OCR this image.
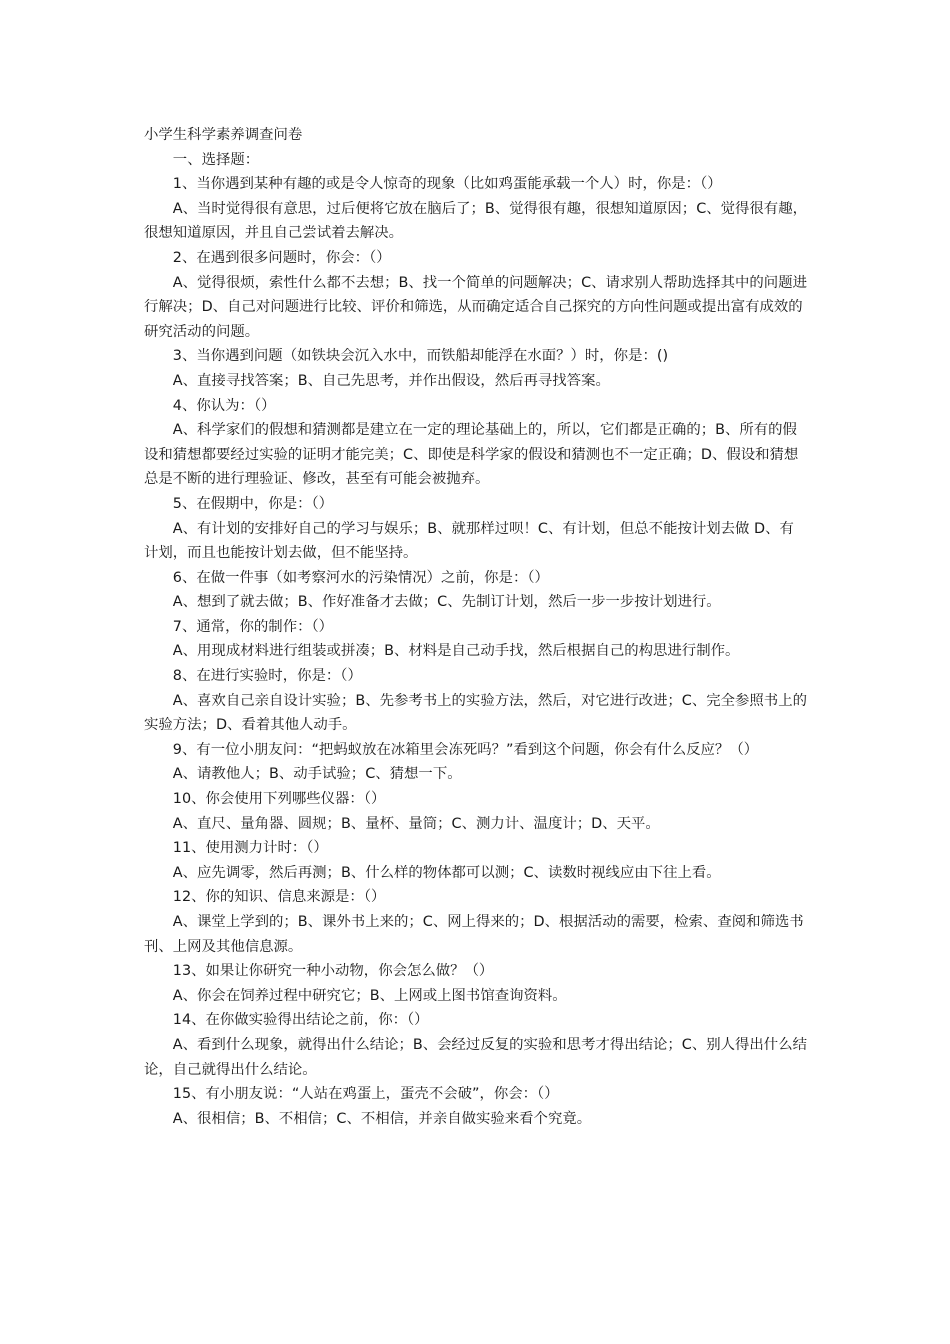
小学生科学素养调查问卷

一、选择题：

1、当你遇到某种有趣的或是令人惊奇的现象（比如鸡蛋能承载一个人）时，你是：（）

A、当时觉得很有意思，过后便将它放在脑后了；B、觉得很有趣，很想知道原因；C、觉得很有趣，很想知道原因，并且自己尝试着去解决。

2、在遇到很多问题时，你会：（）

A、觉得很烦，索性什么都不去想；B、找一个简单的问题解决；C、请求别人帮助选择其中的问题进行解决；D、自己对问题进行比较、评价和筛选，从而确定适合自己探究的方向性问题或提出富有成效的研究活动的问题。

3、当你遇到问题（如铁块会沉入水中，而铁船却能浮在水面？）时，你是：()

A、直接寻找答案；B、自己先思考，并作出假设，然后再寻找答案。

4、你认为：（）

A、科学家们的假想和猜测都是建立在一定的理论基础上的，所以，它们都是正确的；B、所有的假设和猜想都要经过实验的证明才能完美；C、即使是科学家的假设和猜测也不一定正确；D、假设和猜想总是不断的进行理验证、修改，甚至有可能会被抛弃。

5、在假期中，你是：（）

A、有计划的安排好自己的学习与娱乐；B、就那样过呗！C、有计划，但总不能按计划去做 D、有计划，而且也能按计划去做，但不能坚持。

6、在做一件事（如考察河水的污染情况）之前，你是：（）

A、想到了就去做；B、作好准备才去做；C、先制订计划，然后一步一步按计划进行。

7、通常，你的制作：（）

A、用现成材料进行组装或拼凑；B、材料是自己动手找，然后根据自己的构思进行制作。

8、在进行实验时，你是：（）

A、喜欢自己亲自设计实验；B、先参考书上的实验方法，然后，对它进行改进；C、完全参照书上的实验方法；D、看着其他人动手。

9、有一位小朋友问：“把蚂蚁放在冰箱里会冻死吗？”看到这个问题，你会有什么反应？（）

A、请教他人；B、动手试验；C、猜想一下。

10、你会使用下列哪些仪器：（）

A、直尺、量角器、圆规；B、量杯、量筒；C、测力计、温度计；D、天平。

11、使用测力计时：（）

A、应先调零，然后再测；B、什么样的物体都可以测；C、读数时视线应由下往上看。

12、你的知识、信息来源是：（）

A、课堂上学到的；B、课外书上来的；C、网上得来的；D、根据活动的需要，检索、查阅和筛选书刊、上网及其他信息源。

13、如果让你研究一种小动物，你会怎么做？（）

A、你会在饲养过程中研究它；B、上网或上图书馆查询资料。

14、在你做实验得出结论之前，你：（）

A、看到什么现象，就得出什么结论；B、会经过反复的实验和思考才得出结论；C、别人得出什么结论，自己就得出什么结论。

15、有小朋友说：“人站在鸡蛋上，蛋壳不会破”，你会：（）

A、很相信；B、不相信；C、不相信，并亲自做实验来看个究竟。
